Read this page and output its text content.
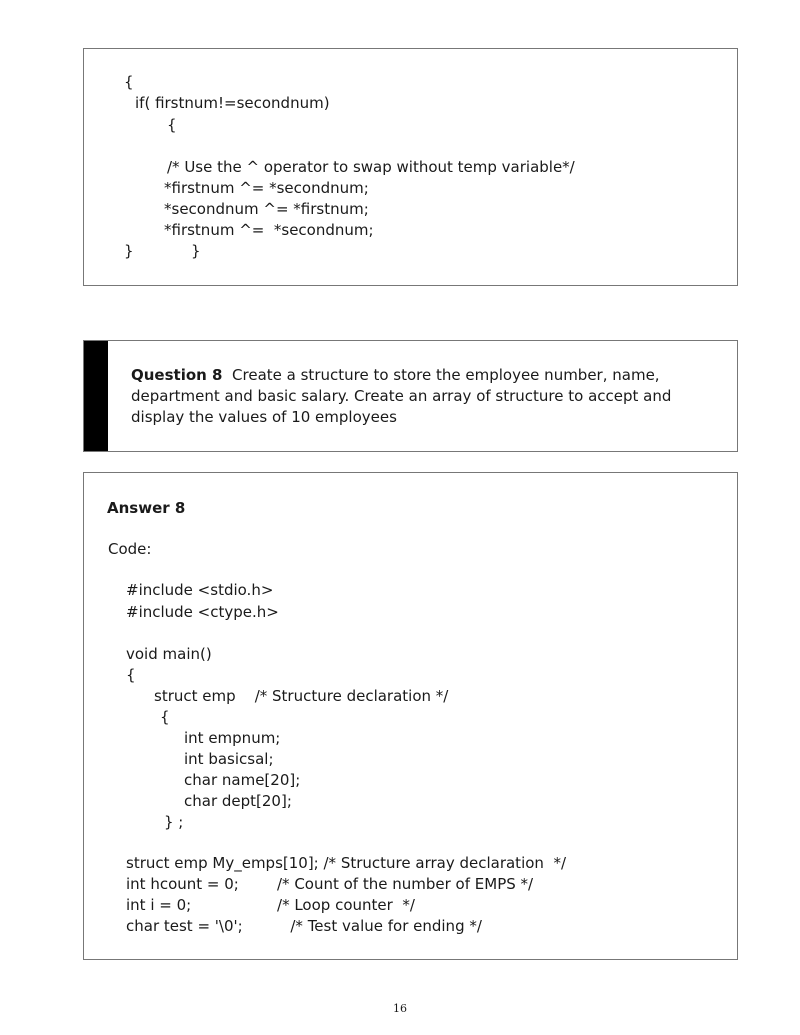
{
if( firstnum!=secondnum)
{
/* Use the ^ operator to swap without temp variable*/
*firstnum ^= *secondnum;
*secondnum ^= *firstnum;
*firstnum ^=  *secondnum;
}	}
Question 8 Create a structure to store the employee number, name, department and basic salary. Create an array of structure to accept and display the values of 10 employees
Answer 8
Code:
#include <stdio.h>
#include <ctype.h>
void main()
{
struct emp    /* Structure declaration */
{
int empnum;
int basicsal;
char name[20];
char dept[20];
} ;
struct emp My_emps[10]; /* Structure array declaration  */
int hcount = 0;        /* Count of the number of EMPS */
int i = 0;                  /* Loop counter  */
char test = '\0';          /* Test value for ending */
16
